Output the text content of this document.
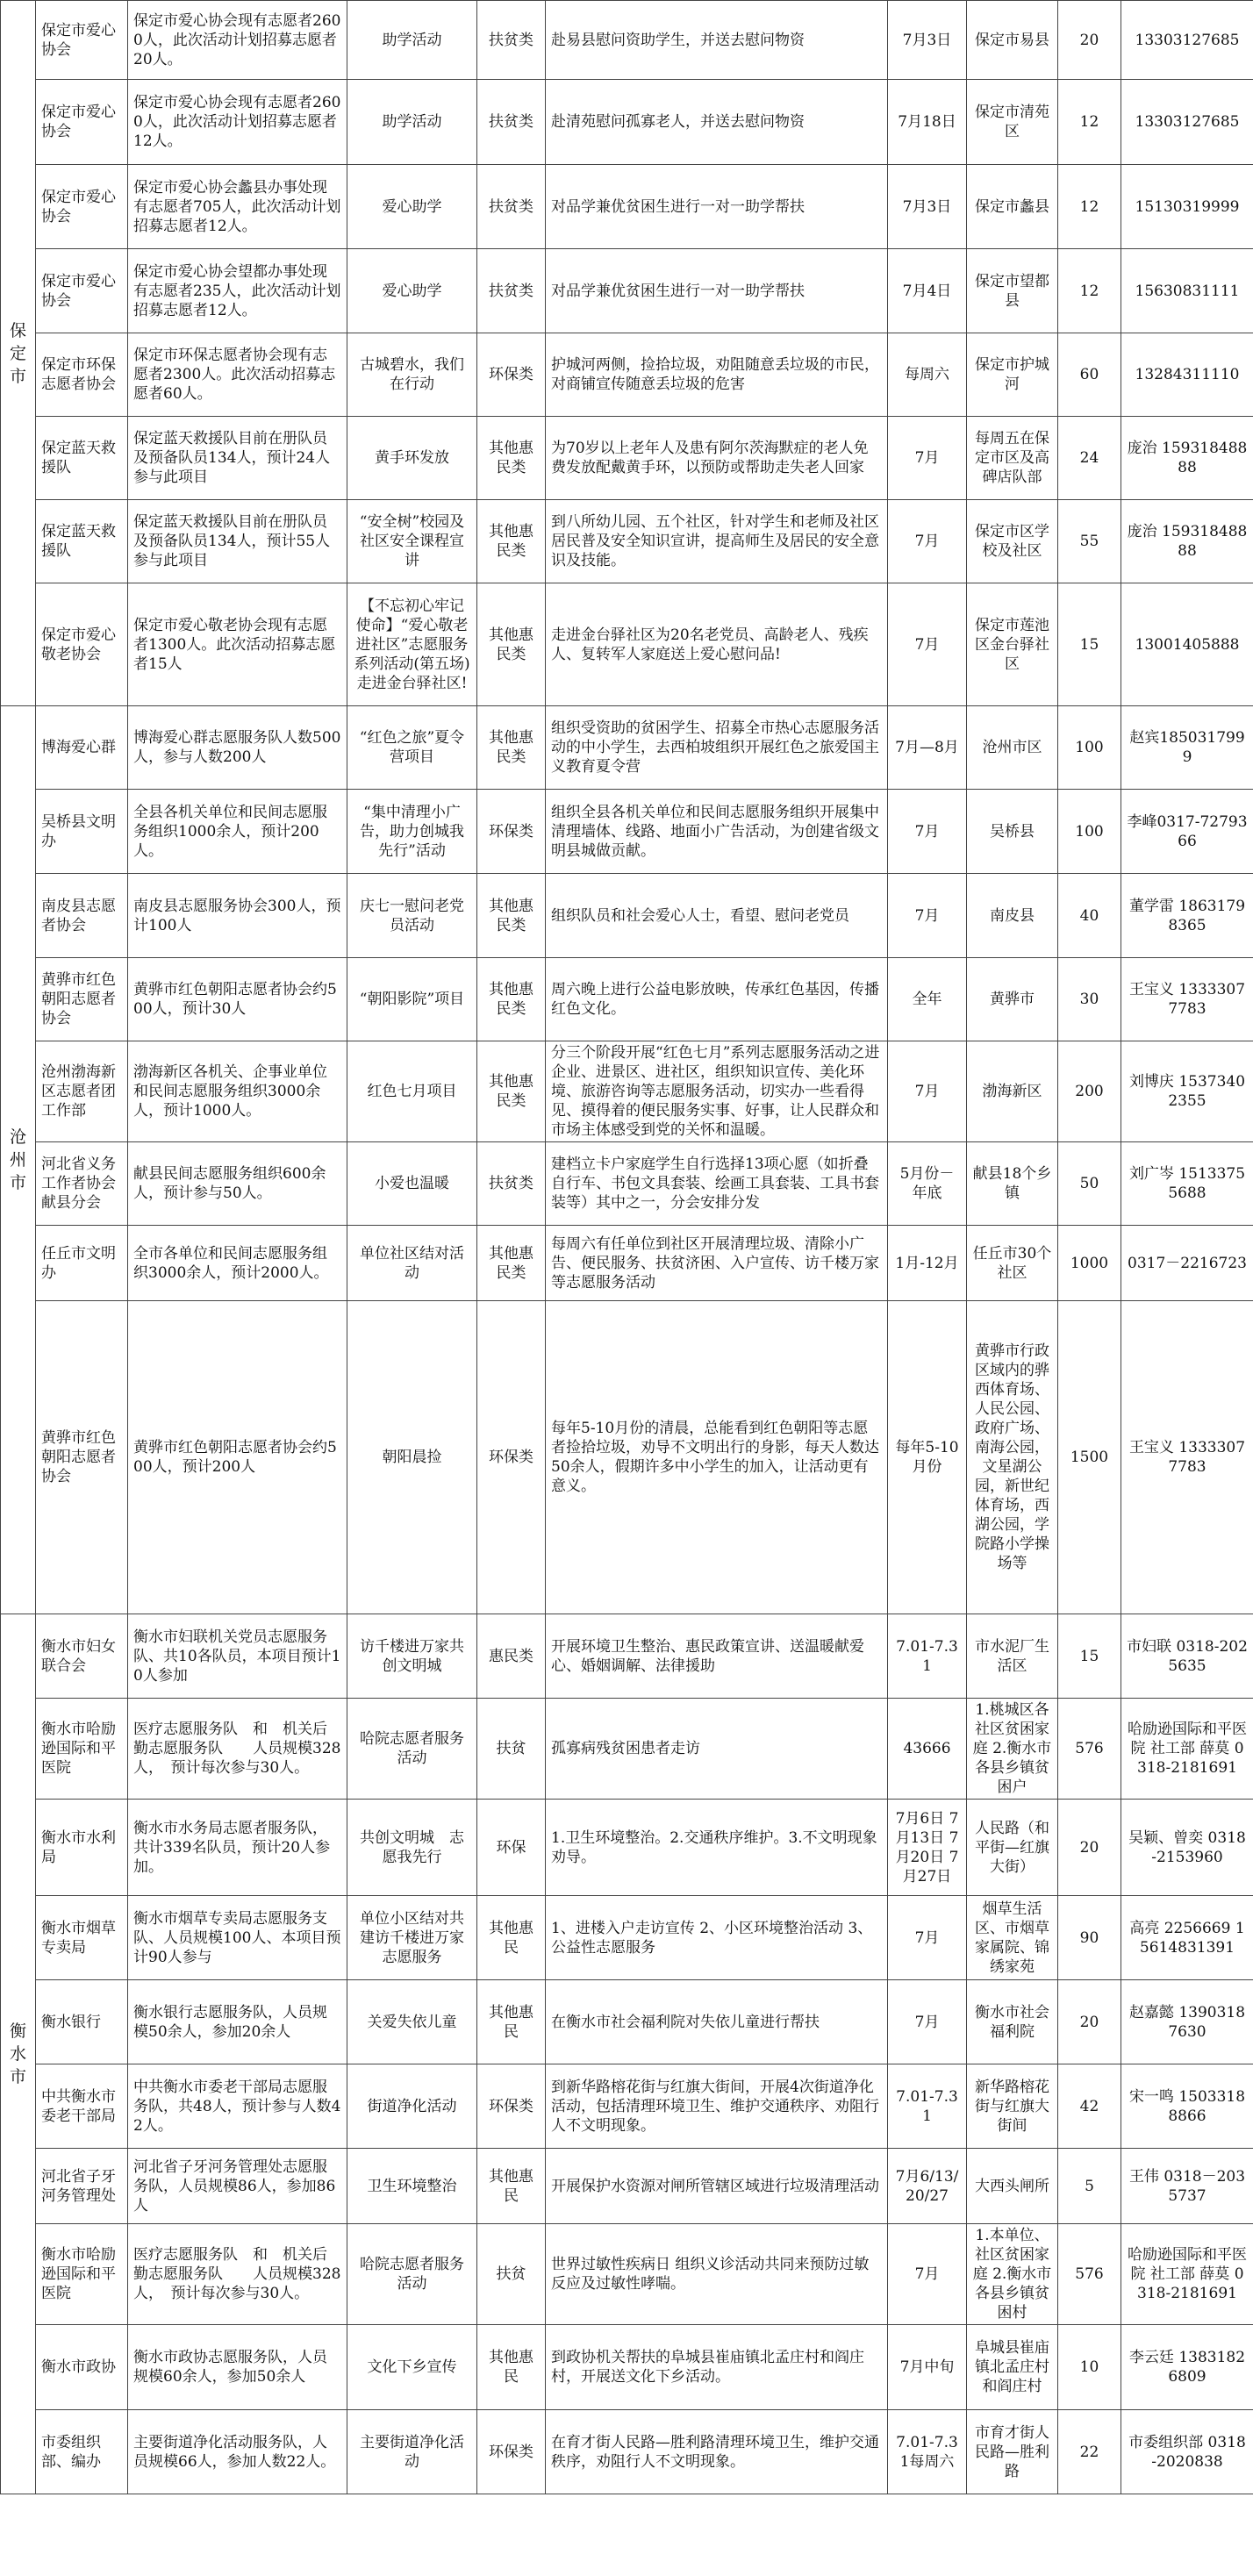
保定市	保定市爱心协会	保定市爱心协会现有志愿者2600人，此次活动计划招募志愿者20人。	助学活动	扶贫类	赴易县慰问资助学生，并送去慰问物资	7月3日	保定市易县	20	13303127685
	保定市爱心协会	保定市爱心协会现有志愿者2600人，此次活动计划招募志愿者12人。	助学活动	扶贫类	赴清苑慰问孤寡老人，并送去慰问物资	7月18日	保定市清苑区	12	13303127685
	保定市爱心协会	保定市爱心协会蠡县办事处现有志愿者705人，此次活动计划招募志愿者12人。	爱心助学	扶贫类	对品学兼优贫困生进行一对一助学帮扶	7月3日	保定市蠡县	12	15130319999
	保定市爱心协会	保定市爱心协会望都办事处现有志愿者235人，此次活动计划招募志愿者12人。	爱心助学	扶贫类	对品学兼优贫困生进行一对一助学帮扶	7月4日	保定市望都县	12	15630831111
	保定市环保志愿者协会	保定市环保志愿者协会现有志愿者2300人。此次活动招募志愿者60人。	古城碧水，我们在行动	环保类	护城河两侧，捡拾垃圾，劝阻随意丢垃圾的市民，对商铺宣传随意丢垃圾的危害	每周六	保定市护城河	60	13284311110
	保定蓝天救援队	保定蓝天救援队目前在册队员及预备队员134人，预计24人参与此项目	黄手环发放	其他惠民类	为70岁以上老年人及患有阿尔茨海默症的老人免费发放配戴黄手环，以预防或帮助走失老人回家	7月	每周五在保定市区及高碑店队部	24	庞治 15931848888
	保定蓝天救援队	保定蓝天救援队目前在册队员及预备队员134人，预计55人参与此项目	“安全树”校园及社区安全课程宣讲	其他惠民类	到八所幼儿园、五个社区，针对学生和老师及社区居民普及安全知识宣讲，提高师生及居民的安全意识及技能。	7月	保定市区学校及社区	55	庞治 15931848888
	保定市爱心敬老协会	保定市爱心敬老协会现有志愿者1300人。此次活动招募志愿者15人	【不忘初心牢记使命】“爱心敬老进社区”志愿服务系列活动(第五场)走进金台驿社区!	其他惠民类	走进金台驿社区为20名老党员、高龄老人、残疾人、复转军人家庭送上爱心慰问品!	7月	保定市莲池区金台驿社区	15	13001405888
沧州市	博海爱心群	博海爱心群志愿服务队人数500人，参与人数200人	“红色之旅”夏令营项目	其他惠民类	组织受资助的贫困学生、招募全市热心志愿服务活动的中小学生，去西柏坡组织开展红色之旅爱国主义教育夏令营	7月—8月	沧州市区	100	赵宾1850317999
	吴桥县文明办	全县各机关单位和民间志愿服务组织1000余人，预计200人。	“集中清理小广告，助力创城我先行”活动	环保类	组织全县各机关单位和民间志愿服务组织开展集中清理墙体、线路、地面小广告活动，为创建省级文明县城做贡献。	7月	吴桥县	100	李峰0317-7279366
	南皮县志愿者协会	南皮县志愿服务协会300人，预计100人	庆七一慰问老党员活动	其他惠民类	组织队员和社会爱心人士，看望、慰问老党员	7月	南皮县	40	董学雷 18631798365
	黄骅市红色朝阳志愿者协会	黄骅市红色朝阳志愿者协会约500人，预计30人	“朝阳影院”项目	其他惠民类	周六晚上进行公益电影放映，传承红色基因，传播红色文化。	全年	黄骅市	30	王宝义 13333077783
	沧州渤海新区志愿者团工作部	渤海新区各机关、企事业单位和民间志愿服务组织3000余人，预计1000人。	红色七月项目	其他惠民类	分三个阶段开展“红色七月”系列志愿服务活动之进企业、进景区、进社区，组织知识宣传、美化环境、旅游咨询等志愿服务活动，切实办一些看得见、摸得着的便民服务实事、好事，让人民群众和市场主体感受到党的关怀和温暖。	7月	渤海新区	200	刘博庆 15373402355
	河北省义务工作者协会献县分会	献县民间志愿服务组织600余人，预计参与50人。	小爱也温暖	扶贫类	建档立卡户家庭学生自行选择13项心愿（如折叠自行车、书包文具套装、绘画工具套装、工具书套装等）其中之一，分会安排分发	5月份－年底	献县18个乡镇	50	刘广岑 15133755688
	任丘市文明办	全市各单位和民间志愿服务组织3000余人，预计2000人。	单位社区结对活动	其他惠民类	每周六有任单位到社区开展清理垃圾、清除小广告、便民服务、扶贫济困、入户宣传、访千楼万家等志愿服务活动	1月-12月	任丘市30个社区	1000	0317－2216723
	黄骅市红色朝阳志愿者协会	黄骅市红色朝阳志愿者协会约500人，预计200人	朝阳晨捡	环保类	每年5-10月份的清晨，总能看到红色朝阳等志愿者捡拾垃圾，劝导不文明出行的身影，每天人数达50余人，假期许多中小学生的加入，让活动更有意义。	每年5-10月份	黄骅市行政区域内的骅西体育场、人民公园、政府广场、南海公园，文星湖公园，新世纪体育场，西湖公园，学院路小学操场等	1500	王宝义 13333077783
衡水市	衡水市妇女联合会	衡水市妇联机关党员志愿服务队、共10各队员，本项目预计10人参加	访千楼进万家共创文明城	惠民类	开展环境卫生整治、惠民政策宣讲、送温暖献爱心、婚姻调解、法律援助	7.01-7.31	市水泥厂生活区	15	市妇联 0318-2025635
	衡水市哈励逊国际和平医院	医疗志愿服务队　和　机关后勤志愿服务队　　人员规模328人，　预计每次参与30人。	哈院志愿者服务活动	扶贫	孤寡病残贫困患者走访	43666	1.桃城区各社区贫困家庭 2.衡水市各县乡镇贫困户	576	哈励逊国际和平医院 社工部 薛莫 0318-2181691
	衡水市水利局	衡水市水务局志愿者服务队，共计339名队员，预计20人参加。	共创文明城　志愿我先行	环保	1.卫生环境整治。2.交通秩序维护。3.不文明现象劝导。	7月6日 7月13日 7月20日 7月27日	人民路（和平街—红旗大街）	20	吴颖、曾奕 0318-2153960
	衡水市烟草专卖局	衡水市烟草专卖局志愿服务支队、人员规模100人、本项目预计90人参与	单位小区结对共建访千楼进万家志愿服务	其他惠民	1、进楼入户走访宣传 2、小区环境整治活动 3、公益性志愿服务	7月	烟草生活区、市烟草家属院、锦绣家苑	90	高亮 2256669 15614831391
	衡水银行	衡水银行志愿服务队，人员规模50余人，参加20余人	关爱失依儿童	其他惠民	在衡水市社会福利院对失依儿童进行帮扶	7月	衡水市社会福利院	20	赵嘉懿 13903187630
	中共衡水市委老干部局	中共衡水市委老干部局志愿服务队，共48人，预计参与人数42人。	街道净化活动	环保类	到新华路榕花街与红旗大街间，开展4次街道净化活动，包括清理环境卫生、维护交通秩序、劝阻行人不文明现象。	7.01-7.31	新华路榕花街与红旗大街间	42	宋一鸣 15033188866
	河北省子牙河务管理处	河北省子牙河务管理处志愿服务队，人员规模86人，参加86人	卫生环境整治	其他惠民	开展保护水资源对闸所管辖区域进行垃圾清理活动	7月6/13/20/27	大西头闸所	5	王伟 0318－2035737
	衡水市哈励逊国际和平医院	医疗志愿服务队　和　机关后勤志愿服务队　　人员规模328人，　预计每次参与30人。	哈院志愿者服务活动	扶贫	世界过敏性疾病日 组织义诊活动共同来预防过敏反应及过敏性哮喘。	7月	1.本单位、社区贫困家庭 2.衡水市各县乡镇贫困村	576	哈励逊国际和平医院 社工部 薛莫 0318-2181691
	衡水市政协	衡水市政协志愿服务队，人员规模60余人，参加50余人	文化下乡宣传	其他惠民	到政协机关帮扶的阜城县崔庙镇北孟庄村和阎庄村，开展送文化下乡活动。	7月中旬	阜城县崔庙镇北孟庄村和阎庄村	10	李云廷 13831826809
	市委组织部、编办	主要街道净化活动服务队，人员规模66人，参加人数22人。	主要街道净化活动	环保类	在育才街人民路—胜利路清理环境卫生，维护交通秩序，劝阻行人不文明现象。	7.01-7.31每周六	市育才街人民路—胜利路	22	市委组织部 0318-2020838
